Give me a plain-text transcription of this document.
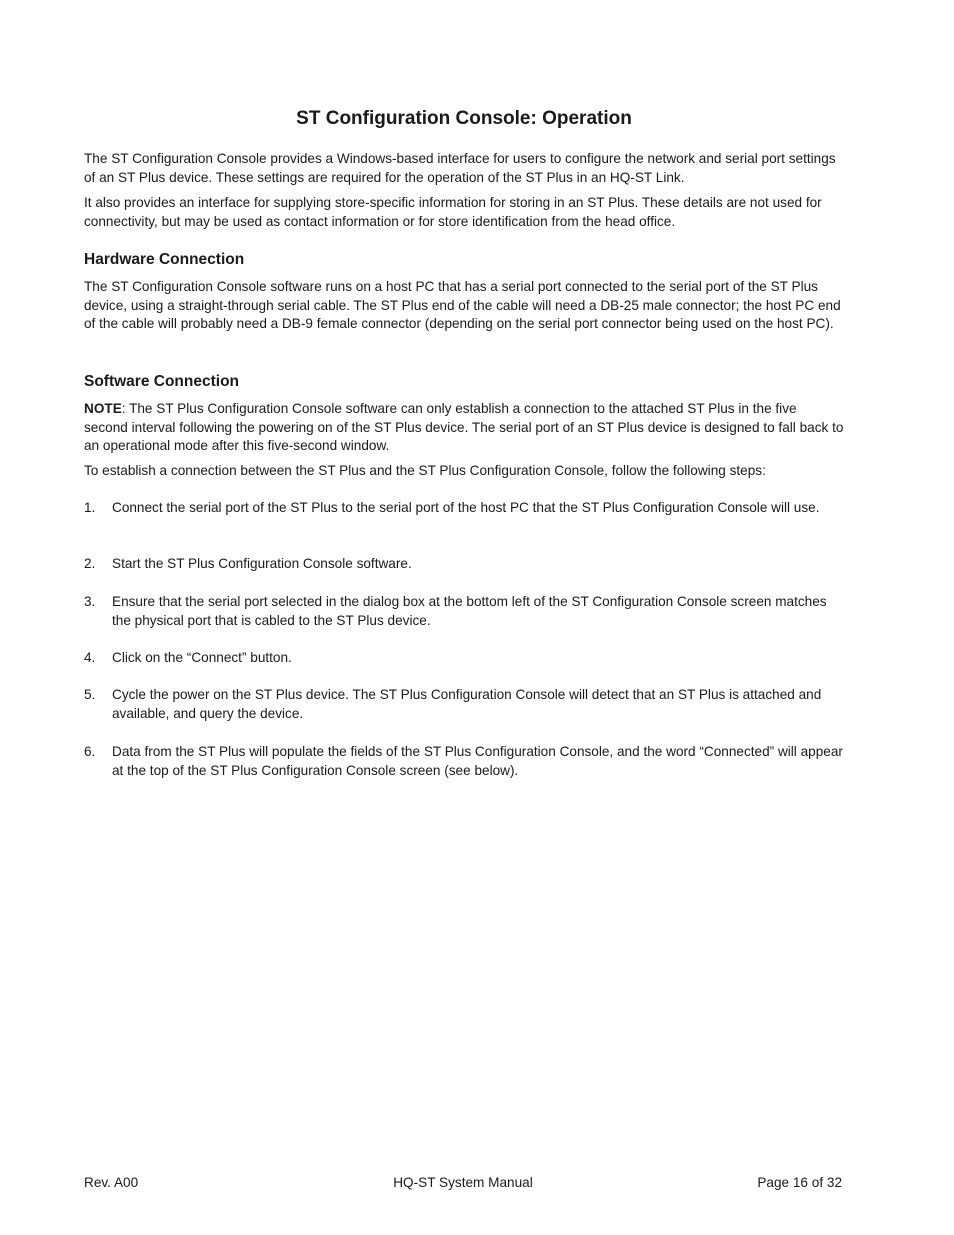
ST Configuration Console: Operation

The ST Configuration Console provides a Windows-based interface for users to configure the network and serial port settings of an ST Plus device. These settings are required for the operation of the ST Plus in an HQ-ST Link.

It also provides an interface for supplying store-specific information for storing in an ST Plus. These details are not used for connectivity, but may be used as contact information or for store identification from the head office.

Hardware Connection

The ST Configuration Console software runs on a host PC that has a serial port connected to the serial port of the ST Plus device, using a straight-through serial cable. The ST Plus end of the cable will need a DB-25 male connector; the host PC end of the cable will probably need a DB-9 female connector (depending on the serial port connector being used on the host PC).

Software Connection

NOTE: The ST Plus Configuration Console software can only establish a connection to the attached ST Plus in the five second interval following the powering on of the ST Plus device. The serial port of an ST Plus device is designed to fall back to an operational mode after this five-second window.

To establish a connection between the ST Plus and the ST Plus Configuration Console, follow the following steps:

1.	Connect the serial port of the ST Plus to the serial port of the host PC that the ST Plus Configuration Console will use.
2.	Start the ST Plus Configuration Console software.
3.	Ensure that the serial port selected in the dialog box at the bottom left of the ST Configuration Console screen matches the physical port that is cabled to the ST Plus device.
4.	Click on the “Connect” button.
5.	Cycle the power on the ST Plus device. The ST Plus Configuration Console will detect that an ST Plus is attached and available, and query the device.
6.	Data from the ST Plus will populate the fields of the ST Plus Configuration Console, and the word “Connected” will appear at the top of the ST Plus Configuration Console screen (see below).
Rev. A00	HQ-ST System Manual	Page 16 of 32
